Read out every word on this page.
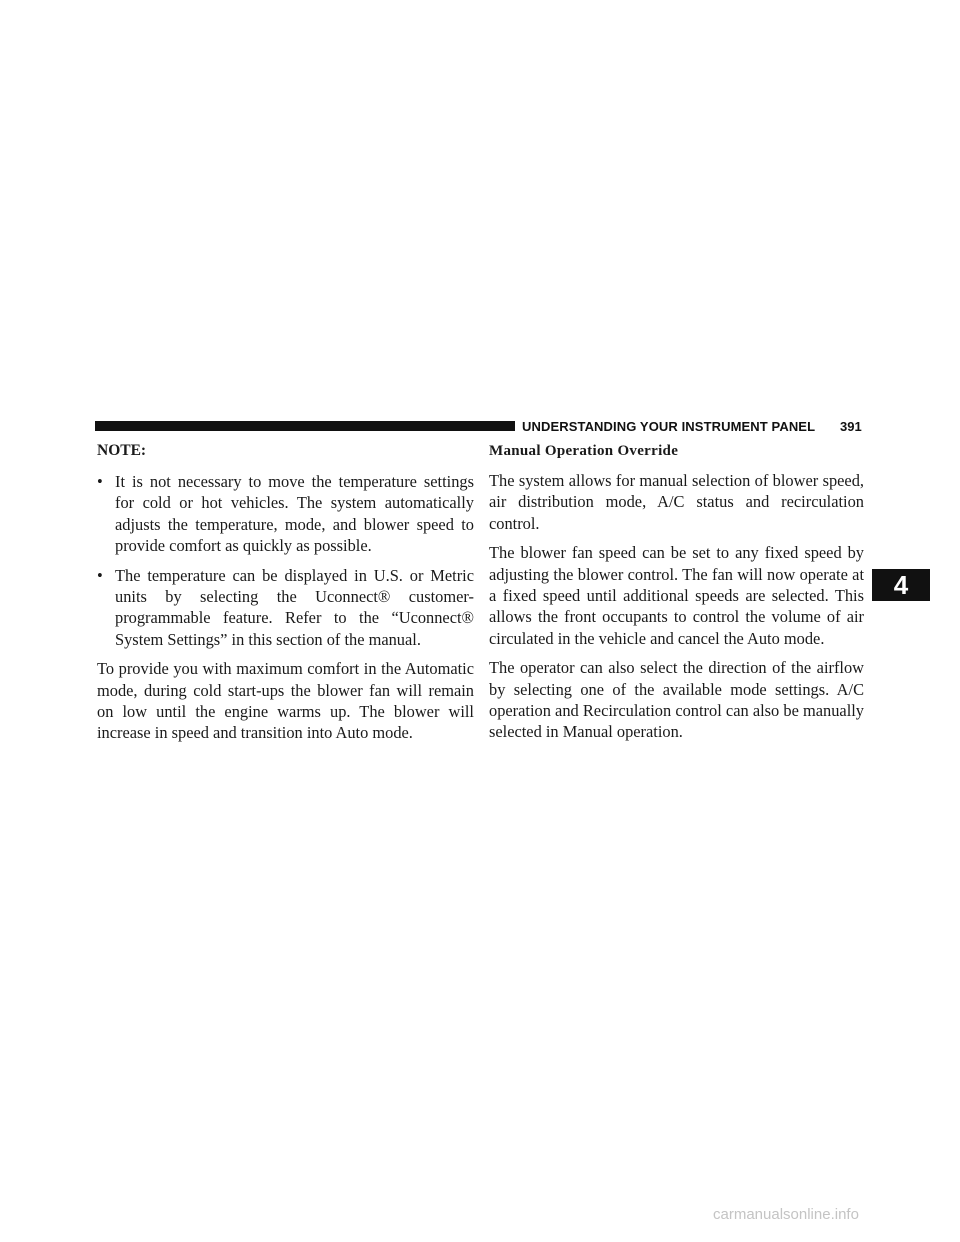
UNDERSTANDING YOUR INSTRUMENT PANEL 391
NOTE:
• It is not necessary to move the temperature settings for cold or hot vehicles. The system automatically adjusts the temperature, mode, and blower speed to provide comfort as quickly as possible.
• The temperature can be displayed in U.S. or Metric units by selecting the Uconnect® customer-programmable feature. Refer to the “Uconnect® System Settings” in this section of the manual.

To provide you with maximum comfort in the Automatic mode, during cold start-ups the blower fan will remain on low until the engine warms up. The blower will increase in speed and transition into Auto mode.

Manual Operation Override

The system allows for manual selection of blower speed, air distribution mode, A/C status and recirculation control.

The blower fan speed can be set to any fixed speed by adjusting the blower control. The fan will now operate at a fixed speed until additional speeds are selected. This allows the front occupants to control the volume of air circulated in the vehicle and cancel the Auto mode.

The operator can also select the direction of the airflow by selecting one of the available mode settings. A/C operation and Recirculation control can also be manually selected in Manual operation.

4
carmanualsonline.info
